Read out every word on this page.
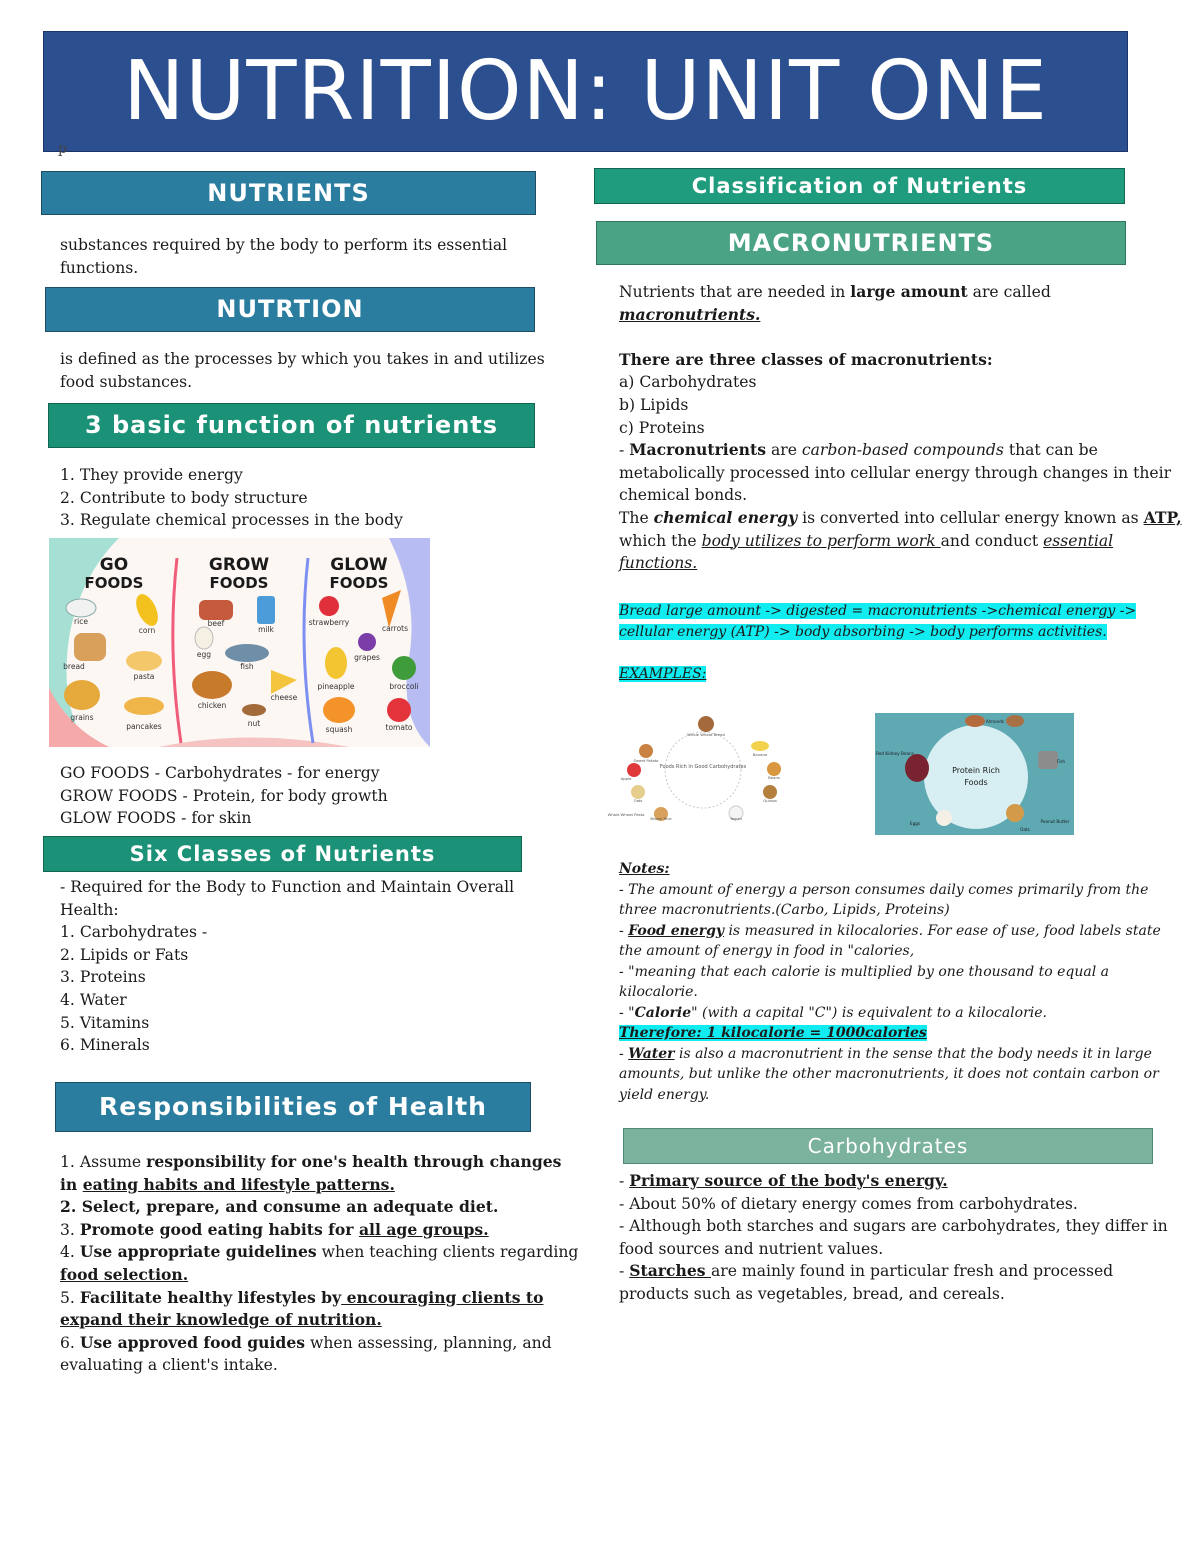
NUTRITION: UNIT ONE
p
NUTRIENTS

substances required by the body to perform its essential functions.

NUTRTION

is defined as the processes by which you takes in and utilizes food substances.

3 basic function of nutrients

1. They provide energy

2. Contribute to body structure

3. Regulate chemical processes in the body

GO
FOODS
GROW
FOODS
GLOW
FOODS
rice
corn
bread
pasta
grains
pancakes
beef
milk
egg
fish
chicken
cheese
nut
strawberry
carrots
grapes
pineapple	broccoli
squash	tomato

GO FOODS - Carbohydrates - for energy

GROW FOODS - Protein, for body growth

GLOW FOODS - for skin

Six Classes of Nutrients

- Required for the Body to Function and Maintain Overall Health:

1. Carbohydrates -

2. Lipids or Fats

3. Proteins

4. Water

5. Vitamins

6. Minerals

Responsibilities of Health

1. Assume responsibility for one's health through changes in eating habits and lifestyle patterns.

2. Select, prepare, and consume an adequate diet.

3. Promote good eating habits for all age groups.

4. Use appropriate guidelines when teaching clients regarding food selection.

5. Facilitate healthy lifestyles by encouraging clients to expand their knowledge of nutrition.

6. Use approved food guides when assessing, planning, and evaluating a client's intake.

Classification of Nutrients
MACRONUTRIENTS

Nutrients that are needed in large amount are called macronutrients.

There are three classes of macronutrients:

a) Carbohydrates

b) Lipids

c) Proteins

- Macronutrients are carbon-based compounds that can be metabolically processed into cellular energy through changes in their chemical bonds.

The chemical energy is converted into cellular energy known as ATP, which the body utilizes to perform work and conduct essential functions.

Bread large amount -> digested = macronutrients ->chemical energy -> cellular energy (ATP) -> body absorbing -> body performs activities.

EXAMPLES:

Foods Rich in Good Carbohydrates
Sweet Potato
Whole Wheat Bread
Banana
Apple	Beans
Oats	Quinoa
Brown Rice	Yogurt
Whole Wheat Pasta
Protein Rich
Foods
Almonds
Red Kidney Beans
Fish
Eggs	Peanut Butter
Oats

Notes:

- The amount of energy a person consumes daily comes primarily from the three macronutrients.(Carbo, Lipids, Proteins)

- Food energy is measured in kilocalories. For ease of use, food labels state the amount of energy in food in "calories,

- "meaning that each calorie is multiplied by one thousand to equal a kilocalorie.

- "Calorie" (with a capital "C") is equivalent to a kilocalorie.

Therefore: 1 kilocalorie = 1000calories

- Water is also a macronutrient in the sense that the body needs it in large amounts, but unlike the other macronutrients, it does not contain carbon or yield energy.

Carbohydrates

- Primary source of the body's energy.

- About 50% of dietary energy comes from carbohydrates.

- Although both starches and sugars are carbohydrates, they differ in food sources and nutrient values.

- Starches are mainly found in particular fresh and processed products such as vegetables, bread, and cereals.
